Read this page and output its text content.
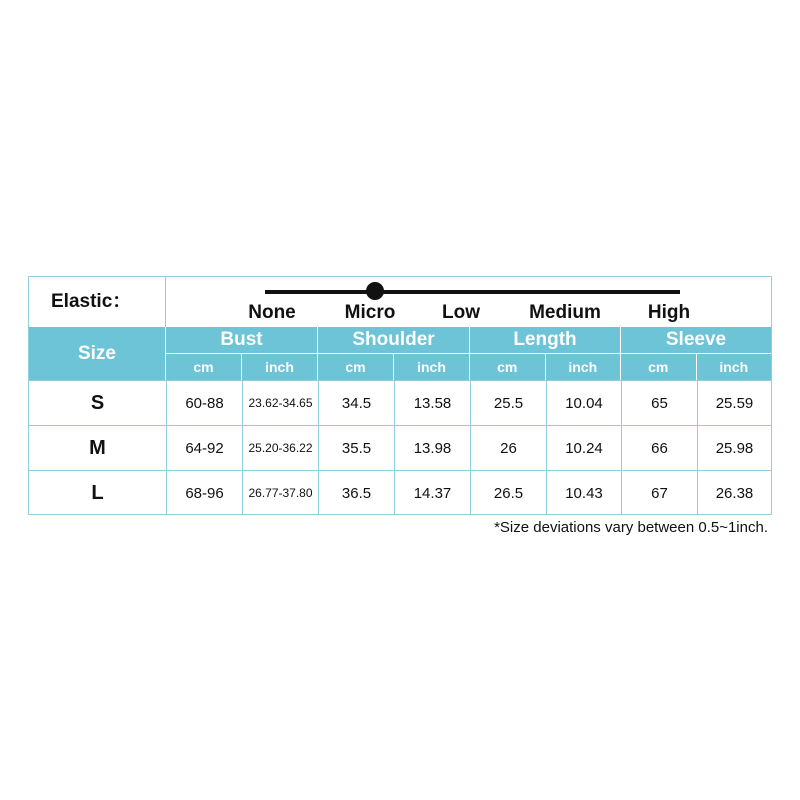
Elastic：
None	Micro Low	Medium High
Size
Bust
cm	inch
Shoulder
cm	inch
Length
cm	inch
Sleeve
cm	inch
S	60-88	23.62-34.65	34.5	13.58	25.5	10.04	65	25.59
M	64-92	25.20-36.22	35.5	13.98	26	10.24	66	25.98
L	68-96	26.77-37.80	36.5	14.37	26.5	10.43	67	26.38
*Size deviations vary between 0.5~1inch.
